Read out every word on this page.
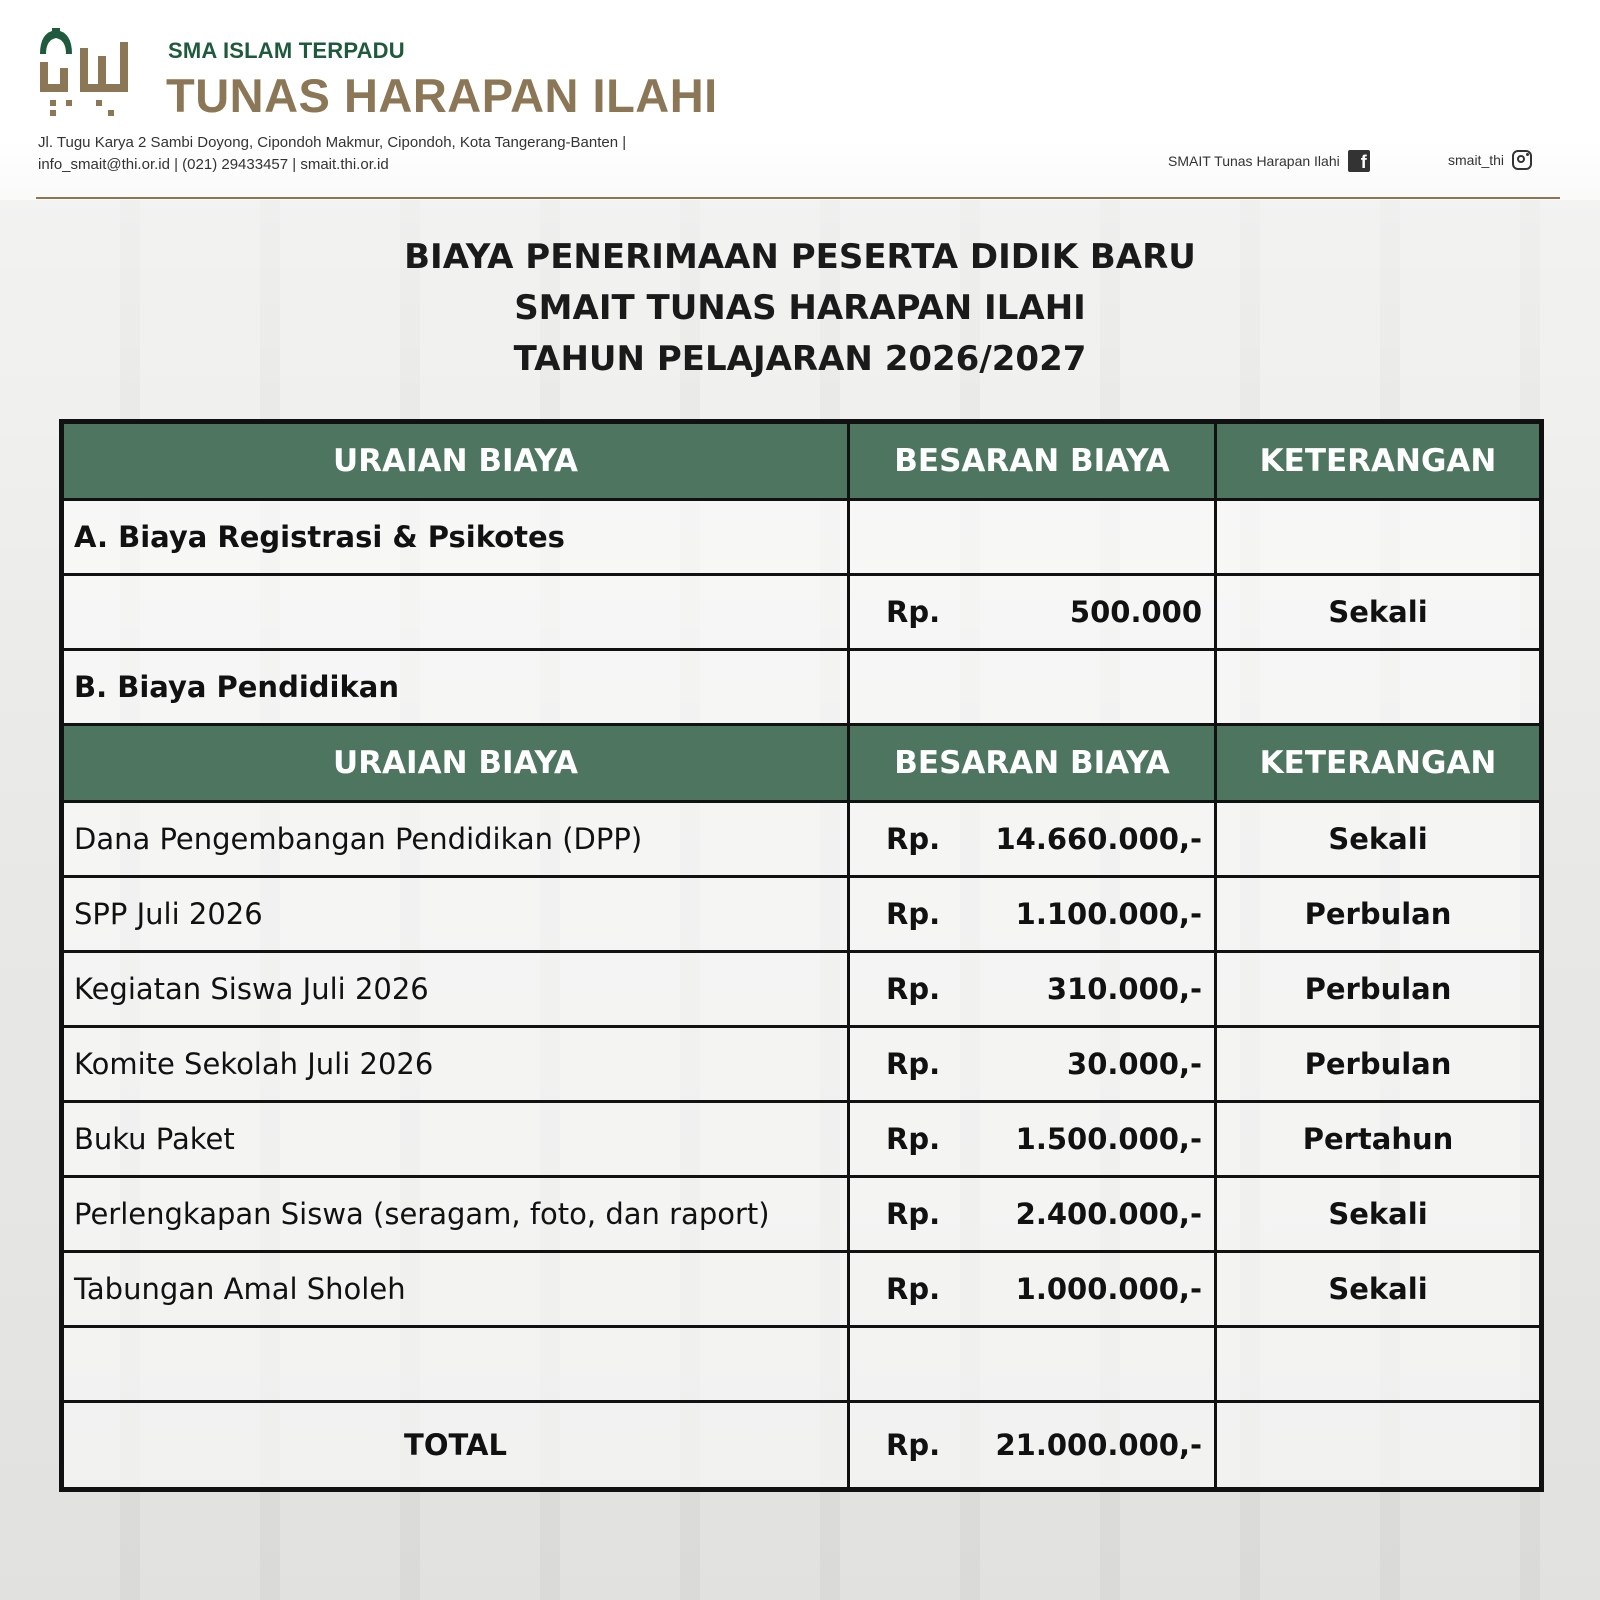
SMA ISLAM TERPADU
TUNAS HARAPAN ILAHI
Jl. Tugu Karya 2 Sambi Doyong, Cipondoh Makmur, Cipondoh, Kota Tangerang-Banten |
info_smait@thi.or.id | (021) 29433457 | smait.thi.or.id	SMAIT Tunas Harapan Ilahi	f	smait_thi
BIAYA PENERIMAAN PESERTA DIDIK BARU
SMAIT TUNAS HARAPAN ILAHI
TAHUN PELAJARAN 2026/2027
URAIAN BIAYA	BESARAN BIAYA	KETERANGAN
A. Biaya Registrasi & Psikotes		

	Rp. 500.000	Sekali
B. Biaya Pendidikan		
URAIAN BIAYA	BESARAN BIAYA	KETERANGAN
Dana Pengembangan Pendidikan (DPP)	Rp. 14.660.000,-	Sekali
SPP Juli 2026	Rp. 1.100.000,-	Perbulan
Kegiatan Siswa Juli 2026	Rp. 310.000,-	Perbulan
Komite Sekolah Juli 2026	Rp. 30.000,-	Perbulan
Buku Paket	Rp. 1.500.000,-	Pertahun
Perlengkapan Siswa (seragam, foto, dan raport)	Rp. 2.400.000,-	Sekali
Tabungan Amal Sholeh	Rp. 1.000.000,-	Sekali

TOTAL	Rp. 21.000.000,-	
